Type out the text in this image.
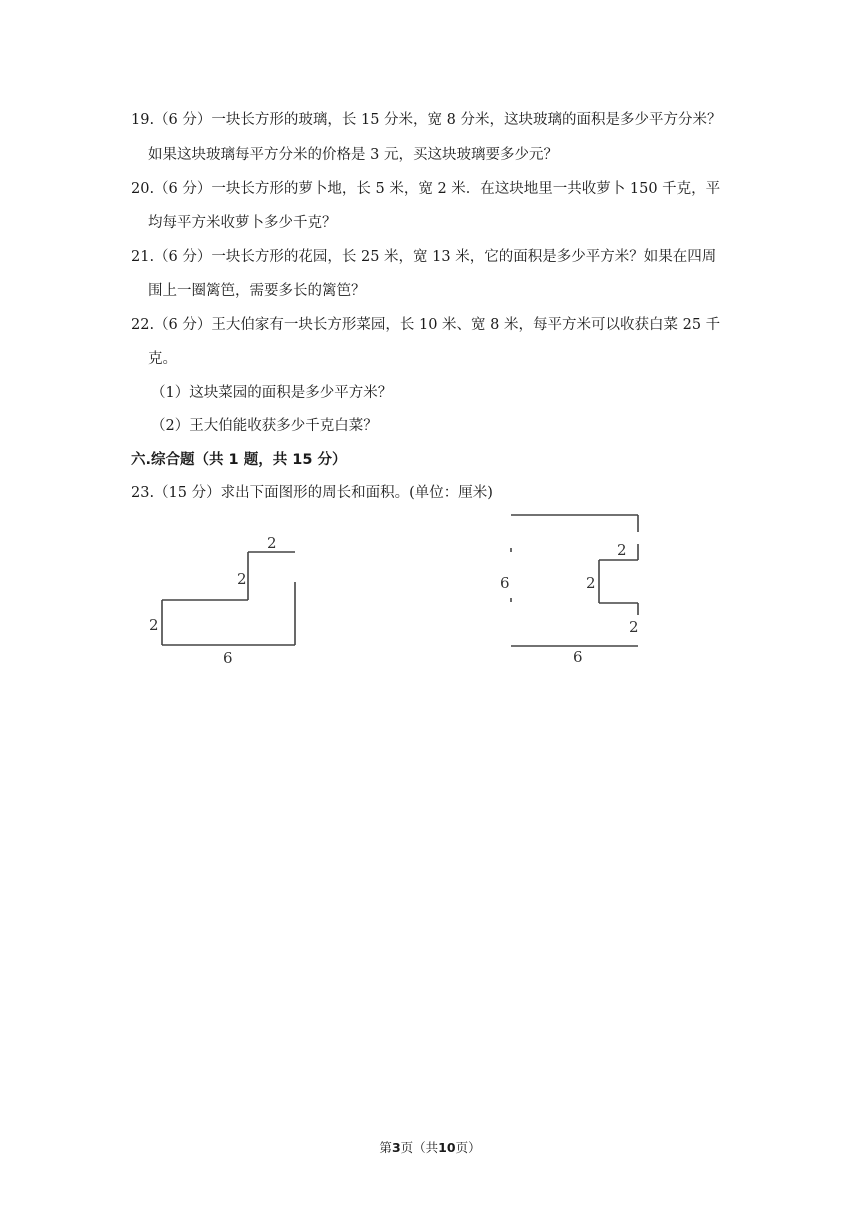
19.（6 分）一块长方形的玻璃，长 15 分米，宽 8 分米，这块玻璃的面积是多少平方分米？
如果这块玻璃每平方分米的价格是 3 元，买这块玻璃要多少元？
20.（6 分）一块长方形的萝卜地，长 5 米，宽 2 米．在这块地里一共收萝卜 150 千克，平
均每平方米收萝卜多少千克？
21.（6 分）一块长方形的花园，长 25 米，宽 13 米，它的面积是多少平方米？如果在四周
围上一圈篱笆，需要多长的篱笆？
22.（6 分）王大伯家有一块长方形菜园，长 10 米、宽 8 米，每平方米可以收获白菜 25 千
克。
（1）这块菜园的面积是多少平方米？
（2）王大伯能收获多少千克白菜？
六.综合题（共 1 题，共 15 分）
23.（15 分）求出下面图形的周长和面积。(单位：厘米)
2
2
2
6
2
2
6
2
6
第3页（共10页）
